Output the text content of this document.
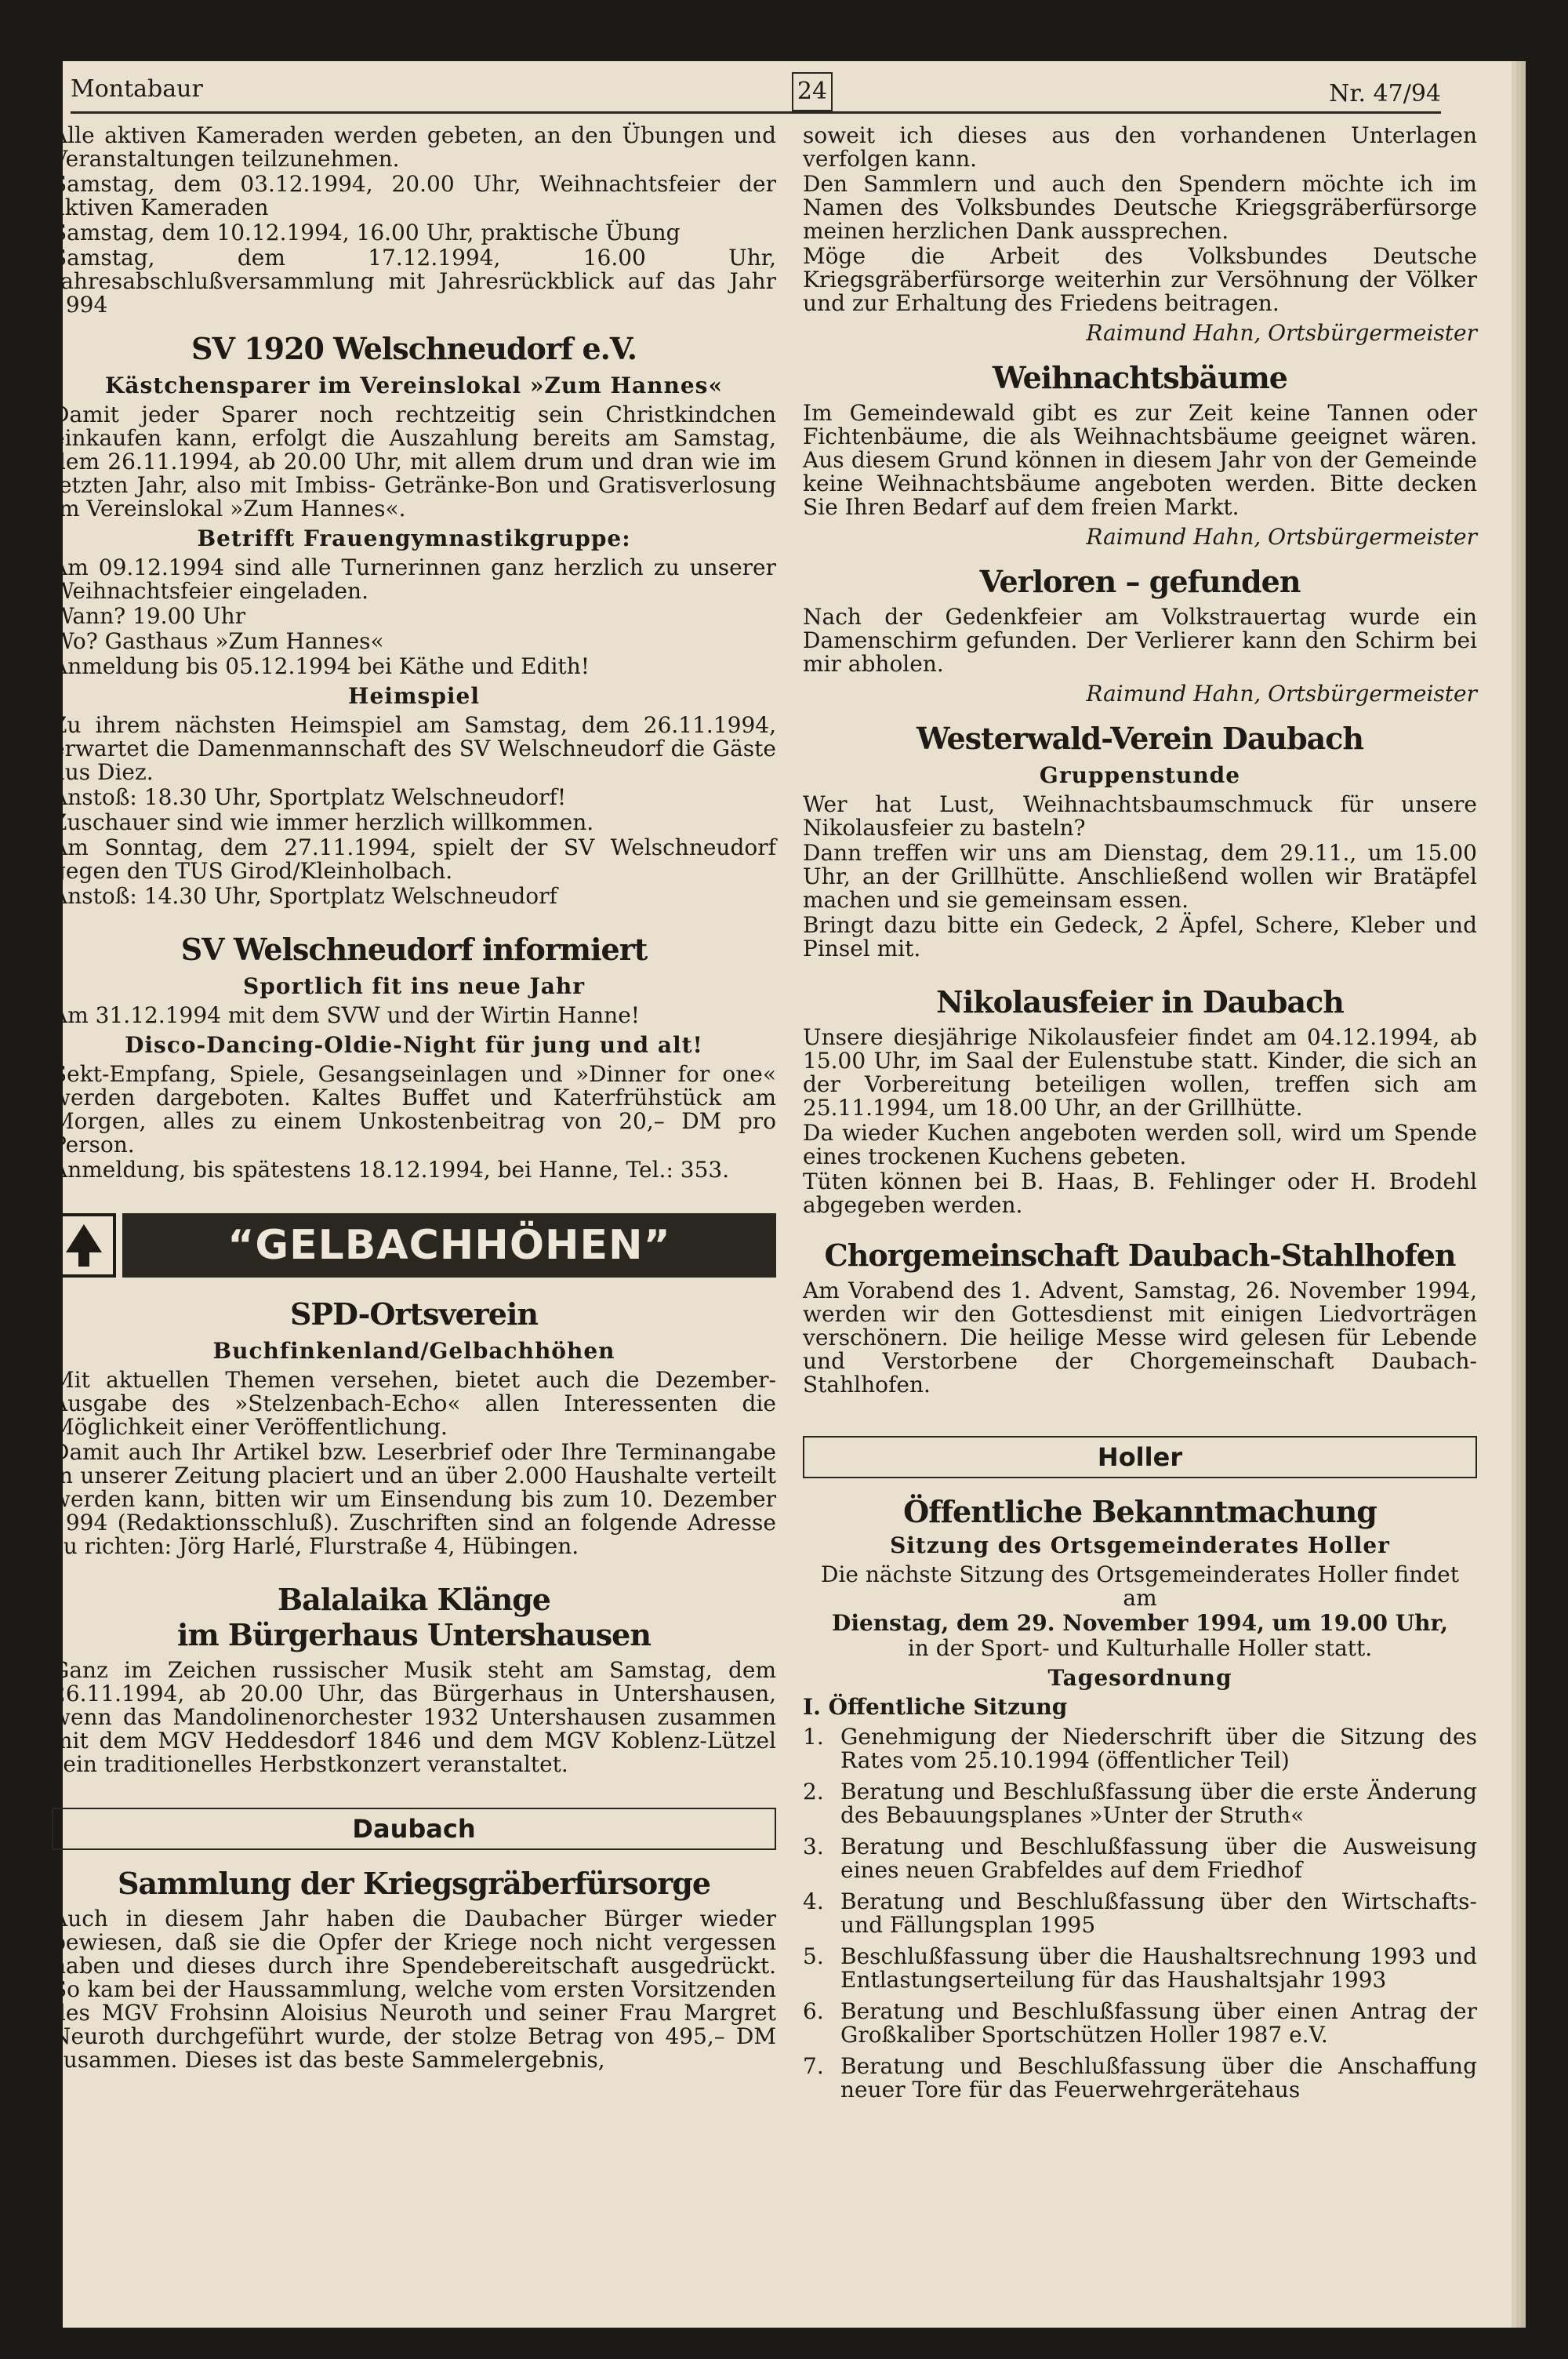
Montabaur	24	Nr. 47/94

Alle aktiven Kameraden werden gebeten, an den Übungen und Veranstaltungen teilzunehmen.

Samstag, dem 03.12.1994, 20.00 Uhr, Weihnachtsfeier der aktiven Kameraden

Samstag, dem 10.12.1994, 16.00 Uhr, praktische Übung

Samstag, dem 17.12.1994, 16.00 Uhr, Jahresabschlußversammlung mit Jahresrückblick auf das Jahr 1994

SV 1920 Welschneudorf e.V.
Kästchensparer im Vereinslokal »Zum Hannes«

Damit jeder Sparer noch rechtzeitig sein Christkindchen einkaufen kann, erfolgt die Auszahlung bereits am Samstag, dem 26.11.1994, ab 20.00 Uhr, mit allem drum und dran wie im letzten Jahr, also mit Imbiss- Getränke-Bon und Gratisverlosung im Vereinslokal »Zum Hannes«.

Betrifft Frauengymnastikgruppe:

Am 09.12.1994 sind alle Turnerinnen ganz herzlich zu unserer Weihnachtsfeier eingeladen.

Wann? 19.00 Uhr

Wo? Gasthaus »Zum Hannes«

Anmeldung bis 05.12.1994 bei Käthe und Edith!

Heimspiel

Zu ihrem nächsten Heimspiel am Samstag, dem 26.11.1994, erwartet die Damenmannschaft des SV Welschneudorf die Gäste aus Diez.

Anstoß: 18.30 Uhr, Sportplatz Welschneudorf!

Zuschauer sind wie immer herzlich willkommen.

Am Sonntag, dem 27.11.1994, spielt der SV Welschneudorf gegen den TUS Girod/Kleinholbach.

Anstoß: 14.30 Uhr, Sportplatz Welschneudorf

SV Welschneudorf informiert
Sportlich fit ins neue Jahr

Am 31.12.1994 mit dem SVW und der Wirtin Hanne!

Disco-Dancing-Oldie-Night für jung und alt!

Sekt-Empfang, Spiele, Gesangseinlagen und »Dinner for one« werden dargeboten. Kaltes Buffet und Katerfrühstück am Morgen, alles zu einem Unkostenbeitrag von 20,– DM pro Person.

Anmeldung, bis spätestens 18.12.1994, bei Hanne, Tel.: 353.

“GELBACHHÖHEN”
SPD-Ortsverein
Buchfinkenland/Gelbachhöhen

Mit aktuellen Themen versehen, bietet auch die Dezember-Ausgabe des »Stelzenbach-Echo« allen Interessenten die Möglichkeit einer Veröffentlichung.

Damit auch Ihr Artikel bzw. Leserbrief oder Ihre Terminangabe in unserer Zeitung placiert und an über 2.000 Haushalte verteilt werden kann, bitten wir um Einsendung bis zum 10. Dezember 1994 (Redaktionsschluß). Zuschriften sind an folgende Adresse zu richten: Jörg Harlé, Flurstraße 4, Hübingen.

Balalaika Klänge
im Bürgerhaus Untershausen

Ganz im Zeichen russischer Musik steht am Samstag, dem 26.11.1994, ab 20.00 Uhr, das Bürgerhaus in Untershausen, wenn das Mandolinenorchester 1932 Untershausen zusammen mit dem MGV Heddesdorf 1846 und dem MGV Koblenz-Lützel sein traditionelles Herbstkonzert veranstaltet.

Daubach
Sammlung der Kriegsgräberfürsorge

Auch in diesem Jahr haben die Daubacher Bürger wieder bewiesen, daß sie die Opfer der Kriege noch nicht vergessen haben und dieses durch ihre Spendebereitschaft ausgedrückt. So kam bei der Haussammlung, welche vom ersten Vorsitzenden des MGV Frohsinn Aloisius Neuroth und seiner Frau Margret Neuroth durchgeführt wurde, der stolze Betrag von 495,– DM zusammen. Dieses ist das beste Sammelergebnis,

soweit ich dieses aus den vorhandenen Unterlagen verfolgen kann.

Den Sammlern und auch den Spendern möchte ich im Namen des Volksbundes Deutsche Kriegsgräberfürsorge meinen herzlichen Dank aussprechen.

Möge die Arbeit des Volksbundes Deutsche Kriegsgräberfürsorge weiterhin zur Versöhnung der Völker und zur Erhaltung des Friedens beitragen.

Raimund Hahn, Ortsbürgermeister
Weihnachtsbäume

Im Gemeindewald gibt es zur Zeit keine Tannen oder Fichtenbäume, die als Weihnachtsbäume geeignet wären. Aus diesem Grund können in diesem Jahr von der Gemeinde keine Weihnachtsbäume angeboten werden. Bitte decken Sie Ihren Bedarf auf dem freien Markt.

Raimund Hahn, Ortsbürgermeister
Verloren – gefunden

Nach der Gedenkfeier am Volkstrauertag wurde ein Damenschirm gefunden. Der Verlierer kann den Schirm bei mir abholen.

Raimund Hahn, Ortsbürgermeister
Westerwald-Verein Daubach
Gruppenstunde

Wer hat Lust, Weihnachtsbaumschmuck für unsere Nikolausfeier zu basteln?

Dann treffen wir uns am Dienstag, dem 29.11., um 15.00 Uhr, an der Grillhütte. Anschließend wollen wir Bratäpfel machen und sie gemeinsam essen.

Bringt dazu bitte ein Gedeck, 2 Äpfel, Schere, Kleber und Pinsel mit.

Nikolausfeier in Daubach

Unsere diesjährige Nikolausfeier findet am 04.12.1994, ab 15.00 Uhr, im Saal der Eulenstube statt. Kinder, die sich an der Vorbereitung beteiligen wollen, treffen sich am 25.11.1994, um 18.00 Uhr, an der Grillhütte.

Da wieder Kuchen angeboten werden soll, wird um Spende eines trockenen Kuchens gebeten.

Tüten können bei B. Haas, B. Fehlinger oder H. Brodehl abgegeben werden.

Chorgemeinschaft Daubach-Stahlhofen

Am Vorabend des 1. Advent, Samstag, 26. November 1994, werden wir den Gottesdienst mit einigen Liedvorträgen verschönern. Die heilige Messe wird gelesen für Lebende und Verstorbene der Chorgemeinschaft Daubach-Stahlhofen.

Holler
Öffentliche Bekanntmachung
Sitzung des Ortsgemeinderates Holler

Die nächste Sitzung des Ortsgemeinderates Holler findet am

Dienstag, dem 29. November 1994, um 19.00 Uhr,

in der Sport- und Kulturhalle Holler statt.

Tagesordnung

I. Öffentliche Sitzung

1. Genehmigung der Niederschrift über die Sitzung des Rates vom 25.10.1994 (öffentlicher Teil)
2. Beratung und Beschlußfassung über die erste Änderung des Bebauungsplanes »Unter der Struth«
3. Beratung und Beschlußfassung über die Ausweisung eines neuen Grabfeldes auf dem Friedhof
4. Beratung und Beschlußfassung über den Wirtschafts- und Fällungsplan 1995
5. Beschlußfassung über die Haushaltsrechnung 1993 und Entlastungserteilung für das Haushaltsjahr 1993
6. Beratung und Beschlußfassung über einen Antrag der Großkaliber Sportschützen Holler 1987 e.V.
7. Beratung und Beschlußfassung über die Anschaffung neuer Tore für das Feuerwehrgerätehaus
